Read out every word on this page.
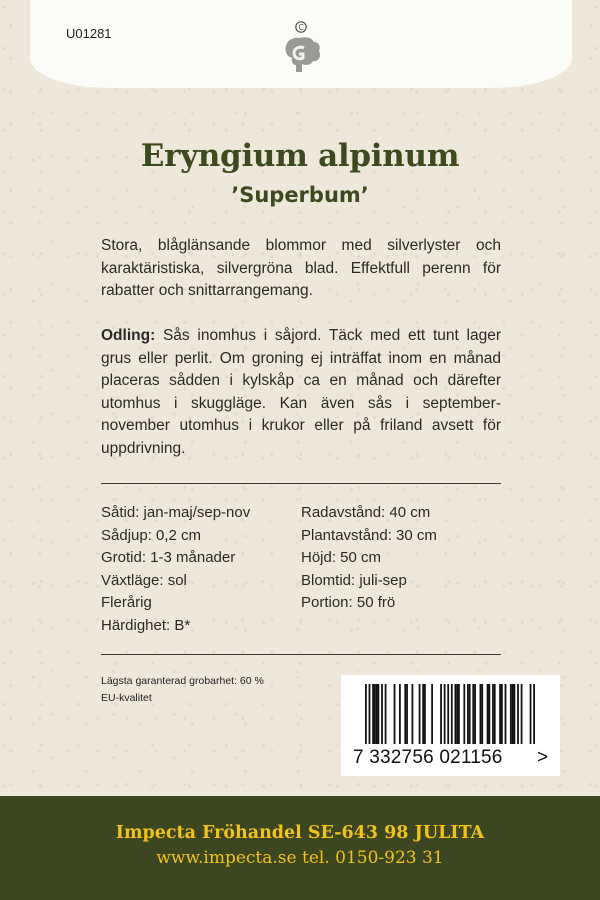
U01281	C
Eryngium alpinum
’Superbum’
Stora, blåglänsande blommor med silverlyster och karaktäristiska, silvergröna blad. Effektfull perenn för rabatter och snittarrangemang.
Odling: Sås inomhus i såjord. Täck med ett tunt lager grus eller perlit. Om groning ej inträffat inom en månad placeras sådden i kylskåp ca en månad och därefter utomhus i skuggläge. Kan även sås i september-november utomhus i krukor eller på friland avsett för uppdrivning.
Såtid: jan-maj/sep-nov
Sådjup: 0,2 cm
Grotid: 1-3 månader
Växtläge: sol
Flerårig
Härdighet: B*
Radavstånd: 40 cm
Plantavstånd: 30 cm
Höjd: 50 cm
Blomtid: juli-sep
Portion: 50 frö
Lägsta garanterad grobarhet: 60 %
EU-kvalitet
7 332756 021156 >
Impecta Fröhandel SE-643 98 JULITA
www.impecta.se tel. 0150-923 31
